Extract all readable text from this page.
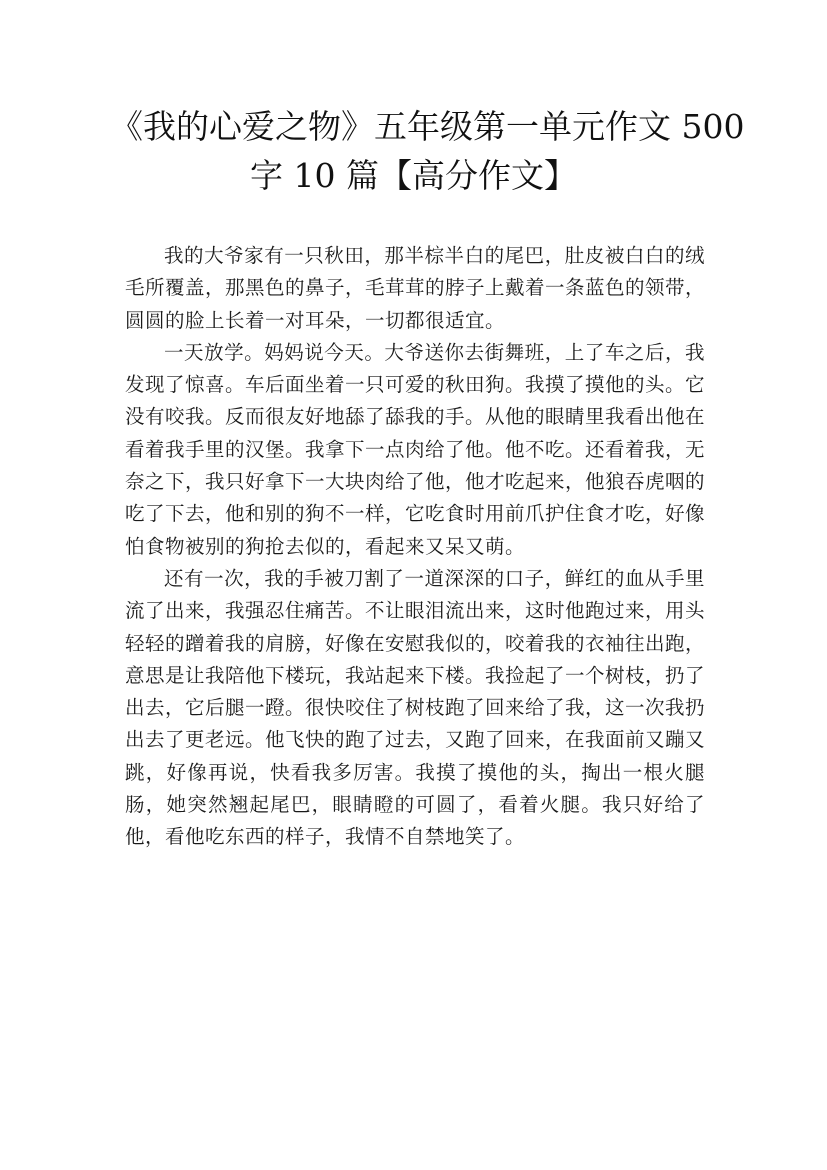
《我的心爱之物》五年级第一单元作文 500
字 10 篇【高分作文】

我的大爷家有一只秋田，那半棕半白的尾巴，肚皮被白白的绒毛所覆盖，那黑色的鼻子，毛茸茸的脖子上戴着一条蓝色的领带，圆圆的脸上长着一对耳朵，一切都很适宜。

一天放学。妈妈说今天。大爷送你去街舞班，上了车之后，我发现了惊喜。车后面坐着一只可爱的秋田狗。我摸了摸他的头。它没有咬我。反而很友好地舔了舔我的手。从他的眼睛里我看出他在看着我手里的汉堡。我拿下一点肉给了他。他不吃。还看着我，无奈之下，我只好拿下一大块肉给了他，他才吃起来，他狼吞虎咽的吃了下去，他和别的狗不一样，它吃食时用前爪护住食才吃，好像怕食物被别的狗抢去似的，看起来又呆又萌。

还有一次，我的手被刀割了一道深深的口子，鲜红的血从手里流了出来，我强忍住痛苦。不让眼泪流出来，这时他跑过来，用头轻轻的蹭着我的肩膀，好像在安慰我似的，咬着我的衣袖往出跑，意思是让我陪他下楼玩，我站起来下楼。我捡起了一个树枝，扔了出去，它后腿一蹬。很快咬住了树枝跑了回来给了我，这一次我扔出去了更老远。他飞快的跑了过去，又跑了回来，在我面前又蹦又跳，好像再说，快看我多厉害。我摸了摸他的头，掏出一根火腿肠，她突然翘起尾巴，眼睛瞪的可圆了，看着火腿。我只好给了他，看他吃东西的样子，我情不自禁地笑了。
